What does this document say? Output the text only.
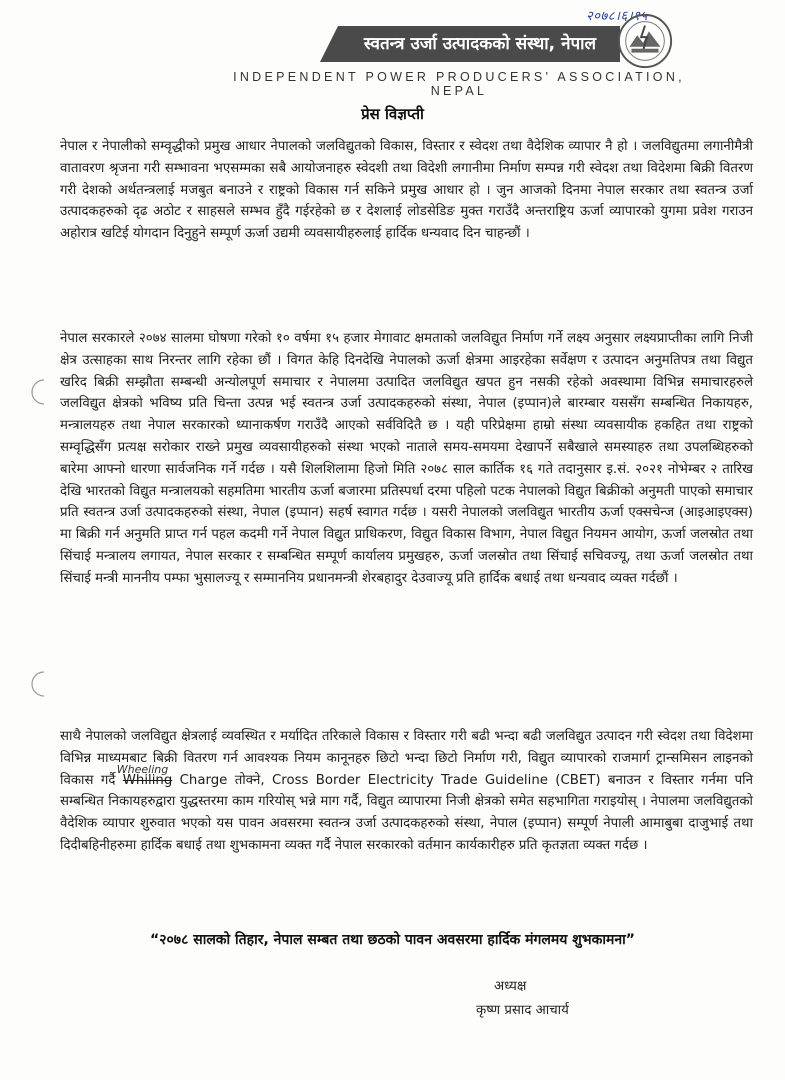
२०७८।६।१५
स्वतन्त्र उर्जा उत्पादकको संस्था, नेपाल
INDEPENDENT POWER PRODUCERS' ASSOCIATION, NEPAL
प्रेस विज्ञप्ती

नेपाल र नेपालीको सम्वृद्धीको प्रमुख आधार नेपालको जलविद्युतको विकास, विस्तार र स्वेदश तथा वैदेशिक व्यापार नै हो । जलविद्युतमा लगानीमैत्री वातावरण श्रृजना गरी सम्भावना भएसम्मका सबै आयोजनाहरु स्वेदशी तथा विदेशी लगानीमा निर्माण सम्पन्न गरी स्वेदश तथा विदेशमा बिक्री वितरण गरी देशको अर्थतन्त्रलाई मजबुत बनाउने र राष्ट्रको विकास गर्न सकिने प्रमुख आधार हो । जुन आजको दिनमा नेपाल सरकार तथा स्वतन्त्र उर्जा उत्पादकहरुको दृढ अठोट र साहसले सम्भव हुँदै गईरहेको छ र देशलाई लोडसेडिङ मुक्त गराउँदै अन्तराष्ट्रिय ऊर्जा व्यापारको युगमा प्रवेश गराउन अहोरात्र खटिई योगदान दिनुहुने सम्पूर्ण ऊर्जा उद्यमी व्यवसायीहरुलाई हार्दिक धन्यवाद दिन चाहन्छौं ।

नेपाल सरकारले २०७४ सालमा घोषणा गरेको १० वर्षमा १५ हजार मेगावाट क्षमताको जलविद्युत निर्माण गर्ने लक्ष्य अनुसार लक्ष्यप्राप्तीका लागि निजी क्षेत्र उत्साहका साथ निरन्तर लागि रहेका छौं । विगत केहि दिनदेखि नेपालको ऊर्जा क्षेत्रमा आइरहेका सर्वेक्षण र उत्पादन अनुमतिपत्र तथा विद्युत खरिद बिक्री सम्झौता सम्बन्धी अन्योलपूर्ण समाचार र नेपालमा उत्पादित जलविद्युत खपत हुन नसकी रहेको अवस्थामा विभिन्न समाचारहरुले जलविद्युत क्षेत्रको भविष्य प्रति चिन्ता उत्पन्न भई स्वतन्त्र उर्जा उत्पादकहरुको संस्था, नेपाल (इप्पान)ले बारम्बार यससँग सम्बन्धित निकायहरु, मन्त्रालयहरु तथा नेपाल सरकारको ध्यानाकर्षण गराउँदै आएको सर्वविदितै छ । यही परिप्रेक्षमा हाम्रो संस्था व्यवसायीक हकहित तथा राष्ट्रको सम्वृद्धिसँग प्रत्यक्ष सरोकार राख्ने प्रमुख व्यवसायीहरुको संस्था भएको नाताले समय-समयमा देखापर्ने सबैखाले समस्याहरु तथा उपलब्धिहरुको बारेमा आफ्नो धारणा सार्वजनिक गर्ने गर्दछ । यसै शिलशिलामा हिजो मिति २०७८ साल कार्तिक १६ गते तदानुसार इ.सं. २०२१ नोभेम्बर २ तारिख देखि भारतको विद्युत मन्त्रालयको सहमतिमा भारतीय ऊर्जा बजारमा प्रतिस्पर्धा दरमा पहिलो पटक नेपालको विद्युत बिक्रीको अनुमती पाएको समाचार प्रति स्वतन्त्र उर्जा उत्पादकहरुको संस्था, नेपाल (इप्पान) सहर्ष स्वागत गर्दछ । यसरी नेपालको जलविद्युत भारतीय ऊर्जा एक्सचेन्ज (आइआइएक्स) मा बिक्री गर्न अनुमति प्राप्त गर्न पहल कदमी गर्ने नेपाल विद्युत प्राधिकरण, विद्युत विकास विभाग, नेपाल विद्युत नियमन आयोग, ऊर्जा जलस्रोत तथा सिंचाई मन्त्रालय लगायत, नेपाल सरकार र सम्बन्धित सम्पूर्ण कार्यालय प्रमुखहरु, ऊर्जा जलस्रोत तथा सिंचाई सचिवज्यू, तथा ऊर्जा जलस्रोत तथा सिंचाई मन्त्री माननीय पम्फा भुसालज्यू र सम्माननिय प्रधानमन्त्री शेरबहादुर देउवाज्यू प्रति हार्दिक बधाई तथा धन्यवाद व्यक्त गर्दछौं ।

साथै नेपालको जलविद्युत क्षेत्रलाई व्यवस्थित र मर्यादित तरिकाले विकास र विस्तार गरी बढी भन्दा बढी जलविद्युत उत्पादन गरी स्वेदश तथा विदेशमा विभिन्न माध्यमबाट बिक्री वितरण गर्न आवश्यक नियम कानूनहरु छिटो भन्दा छिटो निर्माण गरी, विद्युत व्यापारको राजमार्ग ट्रान्समिसन लाइनको विकास गर्दै
Wheeling
Whiling Charge तोक्ने, Cross Border Electricity Trade Guideline (CBET) बनाउन र विस्तार गर्नमा पनि सम्बन्धित निकायहरुद्वारा युद्धस्तरमा काम गरियोस् भन्ने माग गर्दै, विद्युत व्यापारमा निजी क्षेत्रको समेत सहभागिता गराइयोस् । नेपालमा जलविद्युतको वैदेशिक व्यापार शुरुवात भएको यस पावन अवसरमा स्वतन्त्र उर्जा उत्पादकहरुको संस्था, नेपाल (इप्पान) सम्पूर्ण नेपाली आमाबुबा दाजुभाई तथा दिदीबहिनीहरुमा हार्दिक बधाई तथा शुभकामना व्यक्त गर्दै नेपाल सरकारको वर्तमान कार्यकारीहरु प्रति कृतज्ञता व्यक्त गर्दछ ।

“२०७८ सालको तिहार, नेपाल सम्बत तथा छठको पावन अवसरमा हार्दिक मंगलमय शुभकामना”
अध्यक्ष
कृष्ण प्रसाद आचार्य
